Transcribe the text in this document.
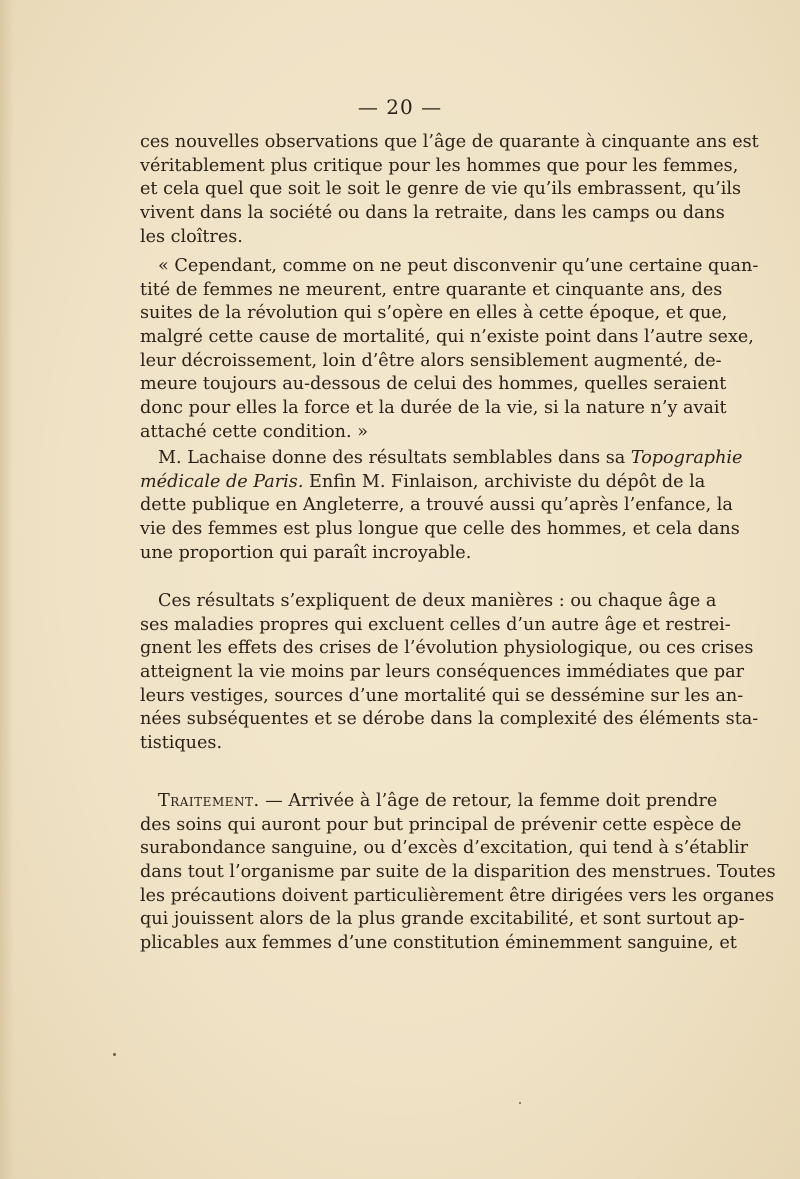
— 20 —
ces nouvelles observations que l’âge de quarante à cinquante ans est
véritablement plus critique pour les hommes que pour les femmes,
et cela quel que soit le soit le genre de vie qu’ils embrassent, qu’ils
vivent dans la société ou dans la retraite, dans les camps ou dans
les cloîtres.
« Cependant, comme on ne peut disconvenir qu’une certaine quan-
tité de femmes ne meurent, entre quarante et cinquante ans, des
suites de la révolution qui s’opère en elles à cette époque, et que,
malgré cette cause de mortalité, qui n’existe point dans l’autre sexe,
leur décroissement, loin d’être alors sensiblement augmenté, de-
meure toujours au-dessous de celui des hommes, quelles seraient
donc pour elles la force et la durée de la vie, si la nature n’y avait
attaché cette condition. »
M. Lachaise donne des résultats semblables dans sa Topographie
médicale de Paris. Enfin M. Finlaison, archiviste du dépôt de la
dette publique en Angleterre, a trouvé aussi qu’après l’enfance, la
vie des femmes est plus longue que celle des hommes, et cela dans
une proportion qui paraît incroyable.
Ces résultats s’expliquent de deux manières : ou chaque âge a
ses maladies propres qui excluent celles d’un autre âge et restrei-
gnent les effets des crises de l’évolution physiologique, ou ces crises
atteignent la vie moins par leurs conséquences immédiates que par
leurs vestiges, sources d’une mortalité qui se dessémine sur les an-
nées subséquentes et se dérobe dans la complexité des éléments sta-
tistiques.
Traitement. — Arrivée à l’âge de retour, la femme doit prendre
des soins qui auront pour but principal de prévenir cette espèce de
surabondance sanguine, ou d’excès d’excitation, qui tend à s’établir
dans tout l’organisme par suite de la disparition des menstrues. Toutes
les précautions doivent particulièrement être dirigées vers les organes
qui jouissent alors de la plus grande excitabilité, et sont surtout ap-
plicables aux femmes d’une constitution éminemment sanguine, et
